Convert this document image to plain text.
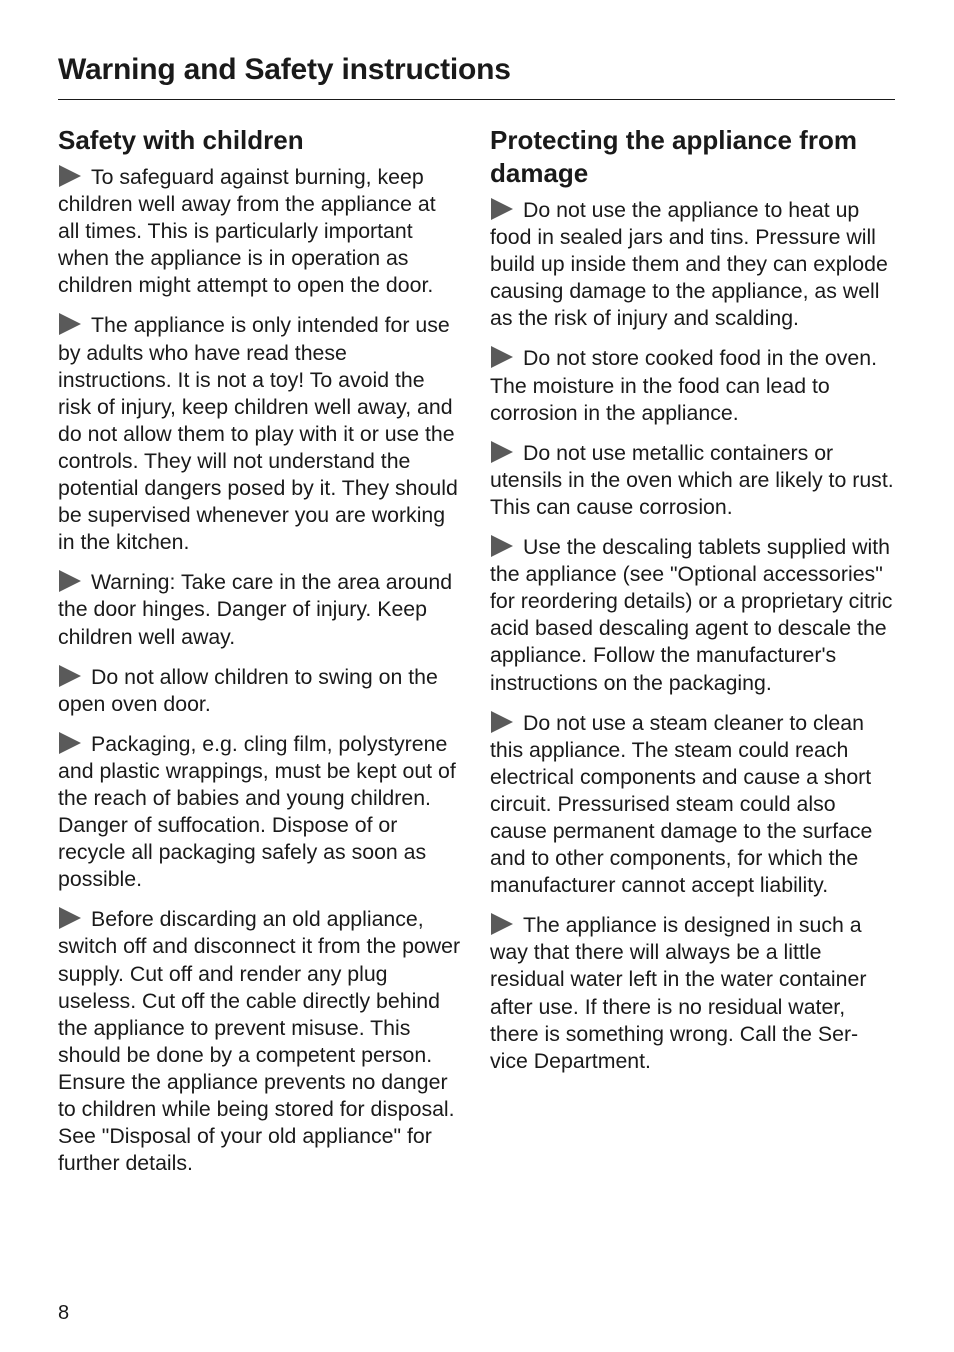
Warning and Safety instructions
Safety with children

To safeguard against burning, keep children well away from the appliance at all times. This is particularly important when the appliance is in operation as children might attempt to open the door.

The appliance is only intended for use by adults who have read these instructions. It is not a toy! To avoid the risk of injury, keep children well away, and do not allow them to play with it or use the controls. They will not understand the potential dangers posed by it. They should be supervised whenever you are working in the kitchen.

Warning: Take care in the area around the door hinges. Danger of injury. Keep children well away.

Do not allow children to swing on the open oven door.

Packaging, e.g. cling film, polystyrene and plastic wrappings, must be kept out of the reach of babies and young children. Danger of suffocation. Dispose of or recycle all packaging safely as soon as possible.

Before discarding an old appliance, switch off and disconnect it from the power supply. Cut off and render any plug useless. Cut off the cable directly behind the appliance to prevent misuse. This should be done by a competent person. Ensure the appliance prevents no danger to children while being stored for disposal. See "Disposal of your old appliance" for further details.

Protecting the appliance from damage

Do not use the appliance to heat up food in sealed jars and tins. Pressure will build up inside them and they can explode causing damage to the appliance, as well as the risk of injury and scalding.

Do not store cooked food in the oven. The moisture in the food can lead to corrosion in the appliance.

Do not use metallic containers or utensils in the oven which are likely to rust. This can cause corrosion.

Use the descaling tablets supplied with the appliance (see "Optional accessories" for reordering details) or a proprietary citric acid based descaling agent to descale the appliance. Follow the manufacturer's instructions on the packaging.

Do not use a steam cleaner to clean this appliance. The steam could reach electrical components and cause a short circuit. Pressurised steam could also cause permanent damage to the surface and to other components, for which the manufacturer cannot accept liability.

The appliance is designed in such a way that there will always be a little residual water left in the water container after use. If there is no residual water, there is something wrong. Call the Ser-vice Department.

8
